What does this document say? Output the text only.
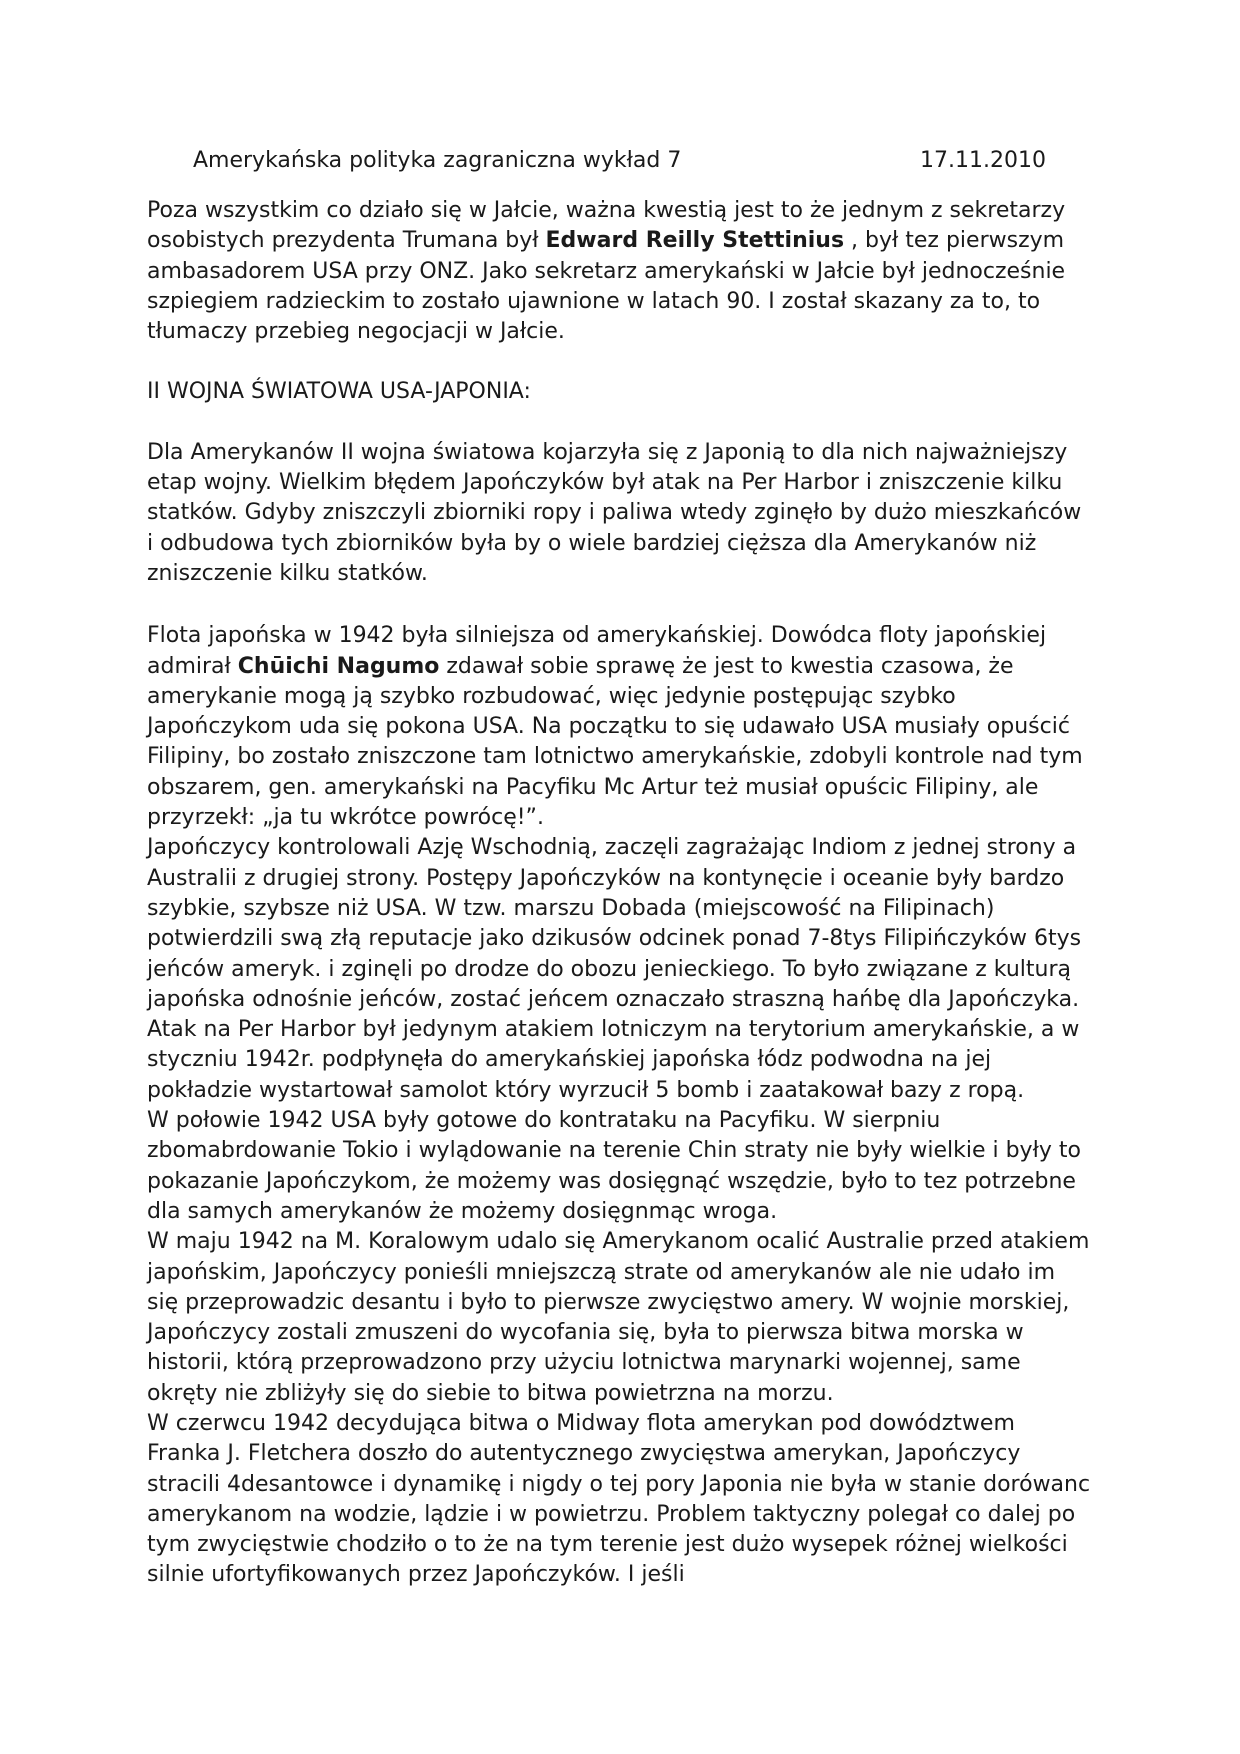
Amerykańska polityka zagraniczna wykład 7	17.11.2010

Poza wszystkim co działo się w Jałcie, ważna kwestią jest to że jednym z sekretarzy osobistych prezydenta Trumana był Edward Reilly Stettinius , był tez pierwszym ambasadorem USA przy ONZ. Jako sekretarz amerykański w Jałcie był jednocześnie szpiegiem radzieckim to zostało ujawnione w latach 90. I został skazany za to, to tłumaczy przebieg negocjacji w Jałcie.

II WOJNA ŚWIATOWA USA-JAPONIA:

Dla Amerykanów II wojna światowa kojarzyła się z Japonią to dla nich najważniejszy etap wojny. Wielkim błędem Japończyków był atak na Per Harbor i zniszczenie kilku statków. Gdyby zniszczyli zbiorniki ropy i paliwa wtedy zginęło by dużo mieszkańców i odbudowa tych zbiorników była by o wiele bardziej cięższa dla Amerykanów niż zniszczenie kilku statków.

Flota japońska w 1942 była silniejsza od amerykańskiej. Dowódca floty japońskiej admirał Chūichi Nagumo zdawał sobie sprawę że jest to kwestia czasowa, że amerykanie mogą ją szybko rozbudować, więc jedynie postępując szybko Japończykom uda się pokona USA. Na początku to się udawało USA musiały opuścić Filipiny, bo zostało zniszczone tam lotnictwo amerykańskie, zdobyli kontrole nad tym obszarem, gen. amerykański na Pacyfiku Mc Artur też musiał opuścic Filipiny, ale przyrzekł: „ja tu wkrótce powrócę!”.

Japończycy kontrolowali Azję Wschodnią, zaczęli zagrażając Indiom z jednej strony a Australii z drugiej strony. Postępy Japończyków na kontynęcie i oceanie były bardzo szybkie, szybsze niż USA. W tzw. marszu Dobada (miejscowość na Filipinach) potwierdzili swą złą reputacje jako dzikusów odcinek ponad 7-8tys Filipińczyków 6tys jeńców ameryk. i zginęli po drodze do obozu jenieckiego. To było związane z kulturą japońska odnośnie jeńców, zostać jeńcem oznaczało straszną hańbę dla Japończyka.

Atak na Per Harbor był jedynym atakiem lotniczym na terytorium amerykańskie, a w styczniu 1942r. podpłynęła do amerykańskiej japońska łódz podwodna na jej pokładzie wystartował samolot który wyrzucił 5 bomb i zaatakował bazy z ropą.

W połowie 1942 USA były gotowe do kontrataku na Pacyfiku. W sierpniu zbomabrdowanie Tokio i wylądowanie na terenie Chin straty nie były wielkie i były to pokazanie Japończykom, że możemy was dosięgnąć wszędzie, było to tez potrzebne dla samych amerykanów że możemy dosięgnmąc wroga.

W maju 1942 na M. Koralowym udalo się Amerykanom ocalić Australie przed atakiem japońskim, Japończycy ponieśli mniejszczą strate od amerykanów ale nie udało im się przeprowadzic desantu i było to pierwsze zwycięstwo amery. W wojnie morskiej, Japończycy zostali zmuszeni do wycofania się, była to pierwsza bitwa morska w historii, którą przeprowadzono przy użyciu lotnictwa marynarki wojennej, same okręty nie zbliżyły się do siebie to bitwa powietrzna na morzu.

W czerwcu 1942 decydująca bitwa o Midway flota amerykan pod dowództwem Franka J. Fletchera doszło do autentycznego zwycięstwa amerykan, Japończycy stracili 4desantowce i dynamikę i nigdy o tej pory Japonia nie była w stanie dorówanc amerykanom na wodzie, lądzie i w powietrzu. Problem taktyczny polegał co dalej po tym zwycięstwie chodziło o to że na tym terenie jest dużo wysepek różnej wielkości silnie ufortyfikowanych przez Japończyków. I jeśli
